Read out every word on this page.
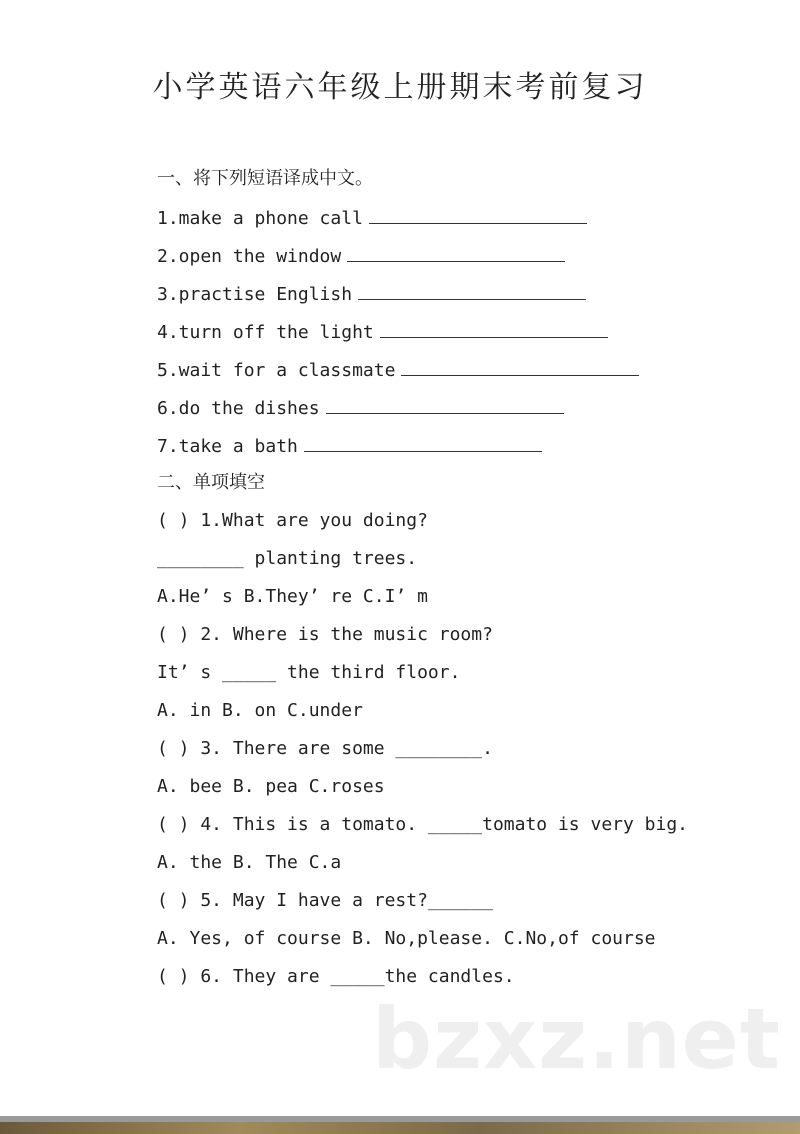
小学英语六年级上册期末考前复习
一、将下列短语译成中文。
1.make a phone call
2.open the window
3.practise English
4.turn off the light
5.wait for a classmate
6.do the dishes
7.take a bath
二、单项填空
( ) 1.What are you doing?
________ planting trees.
A.He’ s B.They’ re C.I’ m
( ) 2. Where is the music room?
It’ s _____ the third floor.
A. in B. on C.under
( ) 3. There are some ________.
A. bee B. pea C.roses
( ) 4. This is a tomato. _____tomato is very big.
A. the B. The C.a
( ) 5. May I have a rest?______
A. Yes, of course B. No,please. C.No,of course
( ) 6. They are _____the candles.
bzxz.net
